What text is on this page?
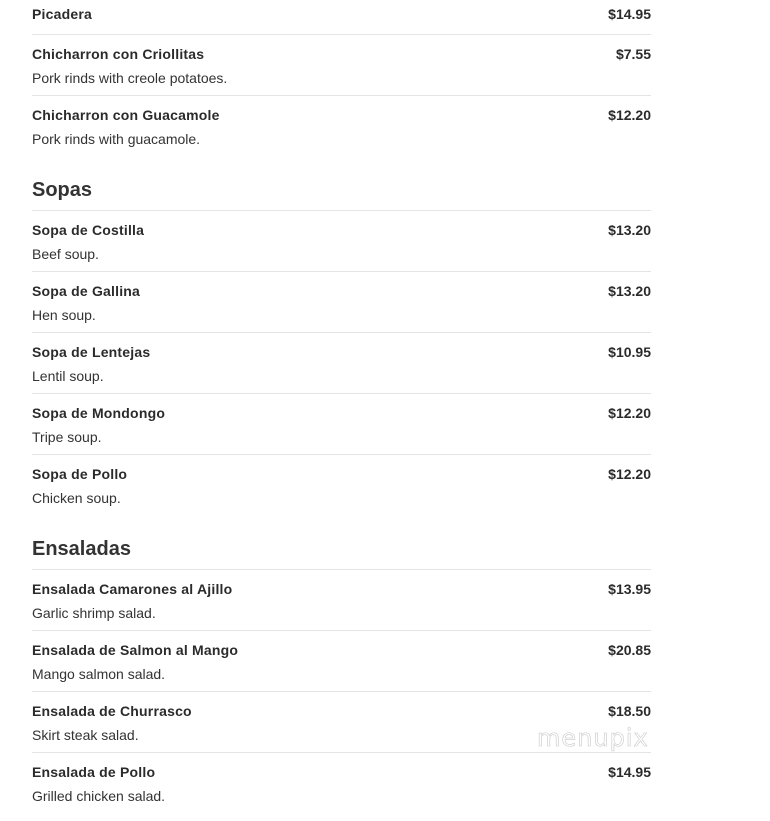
Picadera	$14.95
Chicharron con Criollitas	$7.55
Pork rinds with creole potatoes.
Chicharron con Guacamole	$12.20
Pork rinds with guacamole.
Sopas
Sopa de Costilla	$13.20
Beef soup.
Sopa de Gallina	$13.20
Hen soup.
Sopa de Lentejas	$10.95
Lentil soup.
Sopa de Mondongo	$12.20
Tripe soup.
Sopa de Pollo	$12.20
Chicken soup.
Ensaladas
Ensalada Camarones al Ajillo	$13.95
Garlic shrimp salad.
Ensalada de Salmon al Mango	$20.85
Mango salmon salad.
Ensalada de Churrasco	$18.50
Skirt steak salad.
Ensalada de Pollo	$14.95
Grilled chicken salad.
menupix
